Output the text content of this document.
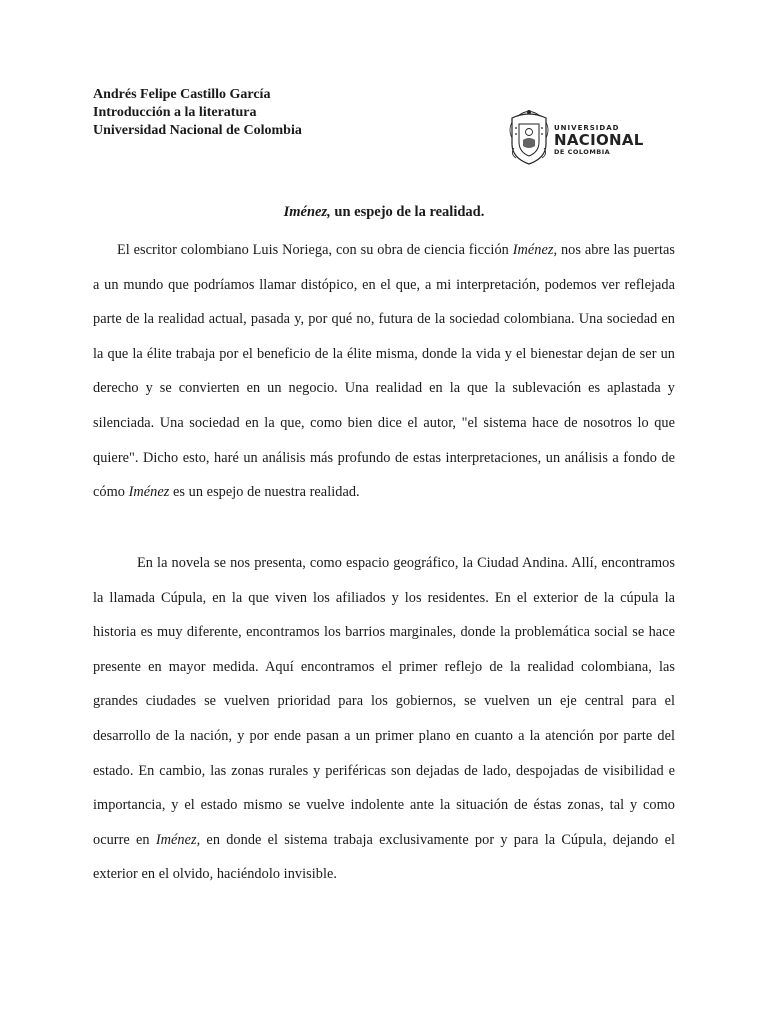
Andrés Felipe Castillo García
Introducción a la literatura
Universidad Nacional de Colombia	UNIVERSIDAD
NACIONAL
DE COLOMBIA
Iménez, un espejo de la realidad.

El escritor colombiano Luis Noriega, con su obra de ciencia ficción Iménez, nos abre las puertas a un mundo que podríamos llamar distópico, en el que, a mi interpretación, podemos ver reflejada parte de la realidad actual, pasada y, por qué no, futura de la sociedad colombiana. Una sociedad en la que la élite trabaja por el beneficio de la élite misma, donde la vida y el bienestar dejan de ser un derecho y se convierten en un negocio. Una realidad en la que la sublevación es aplastada y silenciada. Una sociedad en la que, como bien dice el autor, "el sistema hace de nosotros lo que quiere". Dicho esto, haré un análisis más profundo de estas interpretaciones, un análisis a fondo de cómo Iménez es un espejo de nuestra realidad.

En la novela se nos presenta, como espacio geográfico, la Ciudad Andina. Allí, encontramos la llamada Cúpula, en la que viven los afiliados y los residentes. En el exterior de la cúpula la historia es muy diferente, encontramos los barrios marginales, donde la problemática social se hace presente en mayor medida. Aquí encontramos el primer reflejo de la realidad colombiana, las grandes ciudades se vuelven prioridad para los gobiernos, se vuelven un eje central para el desarrollo de la nación, y por ende pasan a un primer plano en cuanto a la atención por parte del estado. En cambio, las zonas rurales y periféricas son dejadas de lado, despojadas de visibilidad e importancia, y el estado mismo se vuelve indolente ante la situación de éstas zonas, tal y como ocurre en Iménez, en donde el sistema trabaja exclusivamente por y para la Cúpula, dejando el exterior en el olvido, haciéndolo invisible.
